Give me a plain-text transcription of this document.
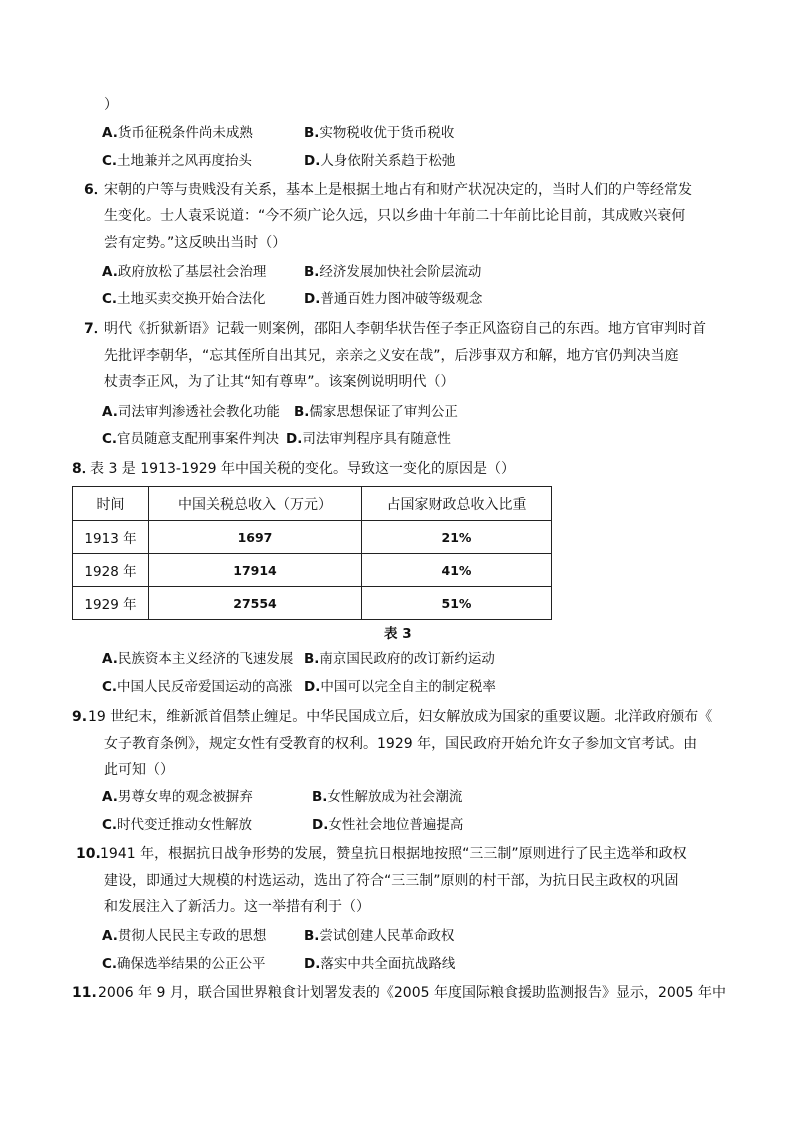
）
A.货币征税条件尚未成熟	B.实物税收优于货币税收
C.土地兼并之风再度抬头	D.人身依附关系趋于松弛
6．
宋朝的户等与贵贱没有关系，基本上是根据土地占有和财产状况决定的，当时人们的户等经常发
生变化。士人袁采说道：“今不须广论久远，只以乡曲十年前二十年前比论目前，其成败兴衰何
尝有定势。”这反映出当时（）
A.政府放松了基层社会治理	B.经济发展加快社会阶层流动
C.土地买卖交换开始合法化	D.普通百姓力图冲破等级观念
7．
明代《折狱新语》记载一则案例，邵阳人李朝华状告侄子李正风盗窃自己的东西。地方官审判时首
先批评李朝华，“忘其侄所自出其兄，亲亲之义安在哉”，后涉事双方和解，地方官仍判决当庭
杖责李正风，为了让其“知有尊卑”。该案例说明明代（）
A.司法审判渗透社会教化功能 B.儒家思想保证了审判公正
C.官员随意支配刑事案件判决 D.司法审判程序具有随意性
8．
表 3 是 1913-1929 年中国关税的变化。导致这一变化的原因是（）
时间	中国关税总收入（万元）	占国家财政总收入比重
1913 年	1697	21%
1928 年	17914	41%
1929 年	27554	51%
表 3
A.民族资本主义经济的飞速发展 B.南京国民政府的改订新约运动
C.中国人民反帝爱国运动的高涨 D.中国可以完全自主的制定税率
9. 19 世纪末，维新派首倡禁止缠足。中华民国成立后，妇女解放成为国家的重要议题。北洋政府颁布《
女子教育条例》，规定女性有受教育的权利。1929 年，国民政府开始允许女子参加文官考试。由
此可知（）
A.男尊女卑的观念被摒弃	B.女性解放成为社会潮流
C.时代变迁推动女性解放	D.女性社会地位普遍提高
10. 1941 年，根据抗日战争形势的发展，赞皇抗日根据地按照“三三制”原则进行了民主选举和政权
建设，即通过大规模的村选运动，选出了符合“三三制”原则的村干部，为抗日民主政权的巩固
和发展注入了新活力。这一举措有利于（）
A.贯彻人民民主专政的思想	B.尝试创建人民革命政权
C.确保选举结果的公正公平	D.落实中共全面抗战路线
11. 2006 年 9 月，联合国世界粮食计划署发表的《2005 年度国际粮食援助监测报告》显示，2005 年中
